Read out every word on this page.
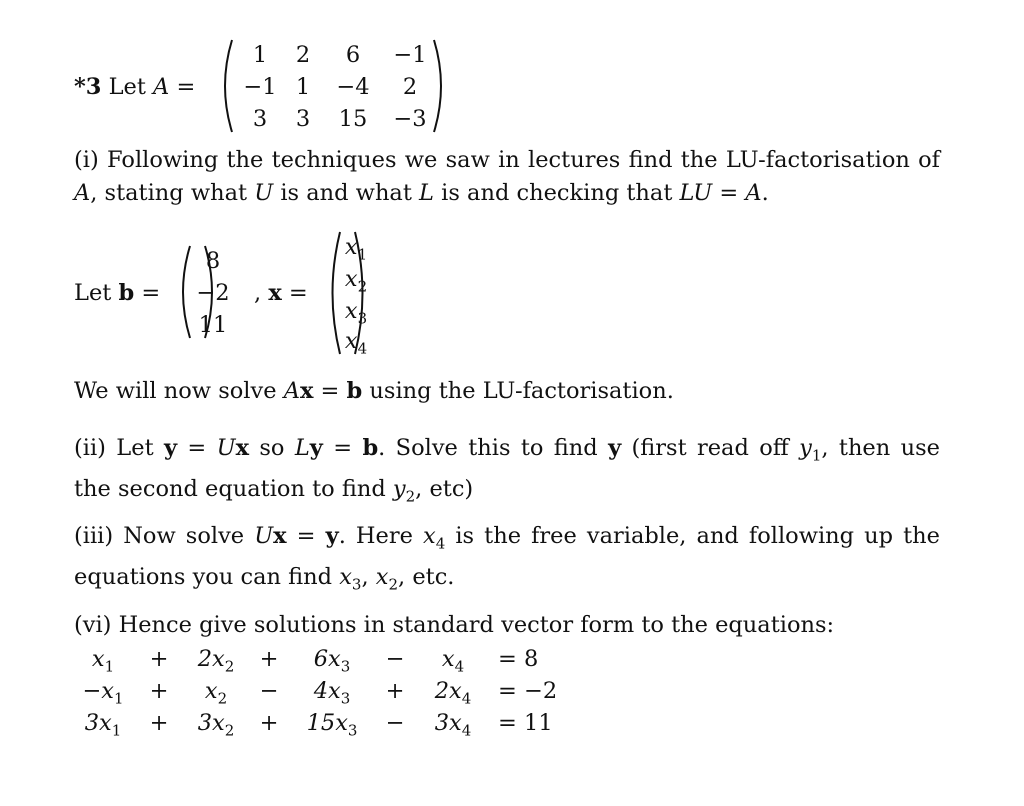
*3 Let A =
1	2	6	−1
−1 1	−4	2
3	3	15	−3
(i) Following the techniques we saw in lectures find the LU-factorisation of
A, stating what U is and what L is and checking that LU = A.
Let b =

8
−2
11
, x =

$x_1$
$x_2$
$x_3$
$x_4$
We will now solve Ax = b using the LU-factorisation.
(ii) Let y = Ux so Ly = b. Solve this to find y (first read off $y_1$, then use
the second equation to find $y_2$, etc)
(iii) Now solve Ux = y. Here $x_4$ is the free variable, and following up the
equations you can find $x_3$, $x_2$, etc.
(vi) Hence give solutions in standard vector form to the equations:
$x_1$	+	$2x_2$	+	$6x_3$	−	$x_4$	= 8
$-x_1$	+	$x_2$	−	$4x_3$	+	$2x_4$	= −2
$3x_1$	+	$3x_2$	+	$15x_3$	−	$3x_4$	= 11
